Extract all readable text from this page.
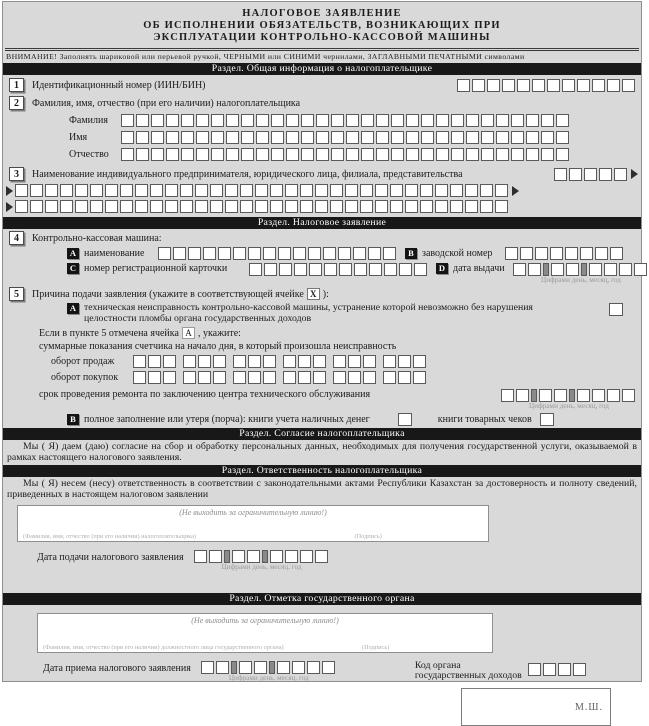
НАЛОГОВОЕ ЗАЯВЛЕНИЕ
ОБ ИСПОЛНЕНИИ ОБЯЗАТЕЛЬСТВ, ВОЗНИКАЮЩИХ ПРИ
ЭКСПЛУАТАЦИИ КОНТРОЛЬНО-КАССОВОЙ МАШИНЫ
ВНИМАНИЕ! Заполнять шариковой или перьевой ручкой, ЧЕРНЫМИ или СИНИМИ чернилами, ЗАГЛАВНЫМИ ПЕЧАТНЫМИ символами
Раздел. Общая информация о налогоплательщике
1	Идентификационный номер (ИИН/БИН)
2	Фамилия, имя, отчество (при его наличии) налогоплательщика
Фамилия
Имя
Отчество
3	Наименование индивидуального предпринимателя, юридического лица, филиала, представительства
Раздел. Налоговое заявление
4	Контрольно-кассовая машина:
A наименование	B заводской номер
C номер регистрационной карточки	D дата выдачи
Цифрами день, месяц, год
5	Причина подачи заявления (укажите в соответствующей ячейке X ):
A техническая неисправность контрольно-кассовой машины, устранение которой невозможно без нарушения целостности пломбы органа государственных доходов
Если в пункте 5 отмечена ячейка А , укажите:
суммарные показания счетчика на начало дня, в который произошла неисправность
оборот продаж
оборот покупок
срок проведения ремонта по заключению центра технического обслуживания
Цифрами день, месяц, год
B полное заполнение или утеря (порча): книги учета наличных денег	книги товарных чеков
Раздел. Согласие налогоплательщика
Мы ( Я) даем (даю) согласие на сбор и обработку персональных данных, необходимых для получения государственной услуги, оказываемой в рамках настоящего налогового заявления.
Раздел. Ответственность налогоплательщика
Мы ( Я) несем (несу) ответственность в соответствии с законодательными актами Республики Казахстан за достоверность и полноту сведений, приведенных в настоящем налоговом заявлении
(Не выходить за ограничительную линию!)
(Фамилия, имя, отчество (при его наличии) налогоплательщика)	(Подпись)
Дата подачи налогового заявления
Цифрами день, месяц, год
Раздел. Отметка государственного органа
(Не выходить за ограничительную линию!)
(Фамилия, имя, отчество (при его наличии) должностного лица государственного органа)	(Подпись)
Дата приема налогового заявления
Цифрами день, месяц, год
Код органа
государственных доходов
М.Ш.
